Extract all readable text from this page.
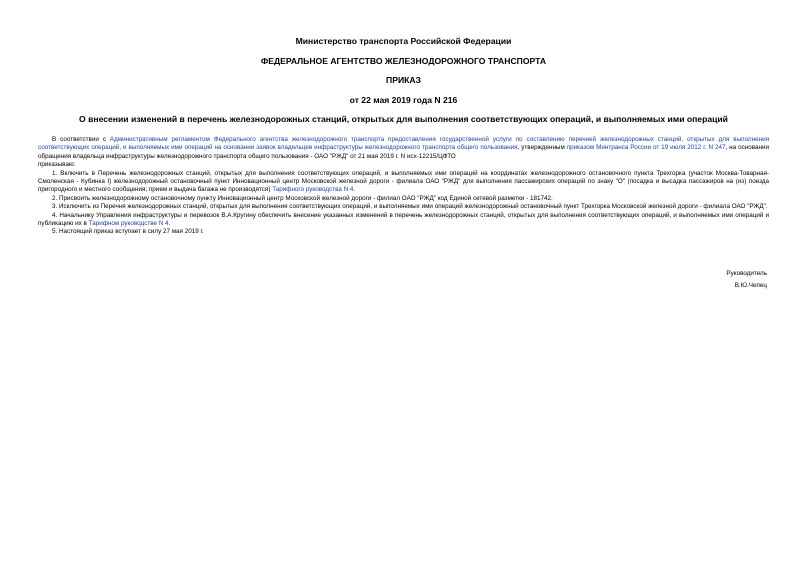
Министерство транспорта Российской Федерации
ФЕДЕРАЛЬНОЕ АГЕНТСТВО ЖЕЛЕЗНОДОРОЖНОГО ТРАНСПОРТА
ПРИКАЗ
от 22 мая 2019 года N 216
О внесении изменений в перечень железнодорожных станций, открытых для выполнения соответствующих операций, и выполняемых ими операций

В соответствии с Административным регламентом Федерального агентства железнодорожного транспорта предоставления государственной услуги по составлению перечней железнодорожных станций, открытых для выполнения соответствующих операций, и выполняемых ими операций на основании заявок владельцев инфраструктуры железнодорожного транспорта общего пользования, утвержденным приказом Минтранса России от 19 июля 2012 г. N 247, на основании обращения владельца инфраструктуры железнодорожного транспорта общего пользования - ОАО "РЖД" от 21 мая 2019 г. N исх-12215/ЦФТО

приказываю:

1. Включить в Перечень железнодорожных станций, открытых для выполнения соответствующих операций, и выполняемых ими операций на координатах железнодорожного остановочного пункта Трехгорка (участок Москва-Товарная-Смоленская - Кубинка I) железнодорожный остановочный пункт Инновационный центр Московской железной дороги - филиала ОАО "РЖД" для выполнения пассажирских операций по знаку "О" (посадка и высадка пассажиров на (из) поезда пригородного и местного сообщения; прием и выдача багажа не производятся) Тарифного руководства N 4.

2. Присвоить железнодорожному остановочному пункту Инновационный центр Московской железной дороги - филиал ОАО "РЖД" код Единой сетевой разметки - 181742.

3. Исключить из Перечня железнодорожных станций, открытых для выполнения соответствующих операций, и выполняемых ими операций железнодорожный остановочный пункт Трехгорка Московской железной дороги - филиала ОАО "РЖД".

4. Начальнику Управления инфраструктуры и перевозок В.А.Кругину обеспечить внесение указанных изменений в перечень железнодорожных станций, открытых для выполнения соответствующих операций, и выполняемых ими операций и публикацию их в Тарифном руководстве N 4.

5. Настоящий приказ вступает в силу 27 мая 2019 г.

Руководитель
В.Ю.Чепец
